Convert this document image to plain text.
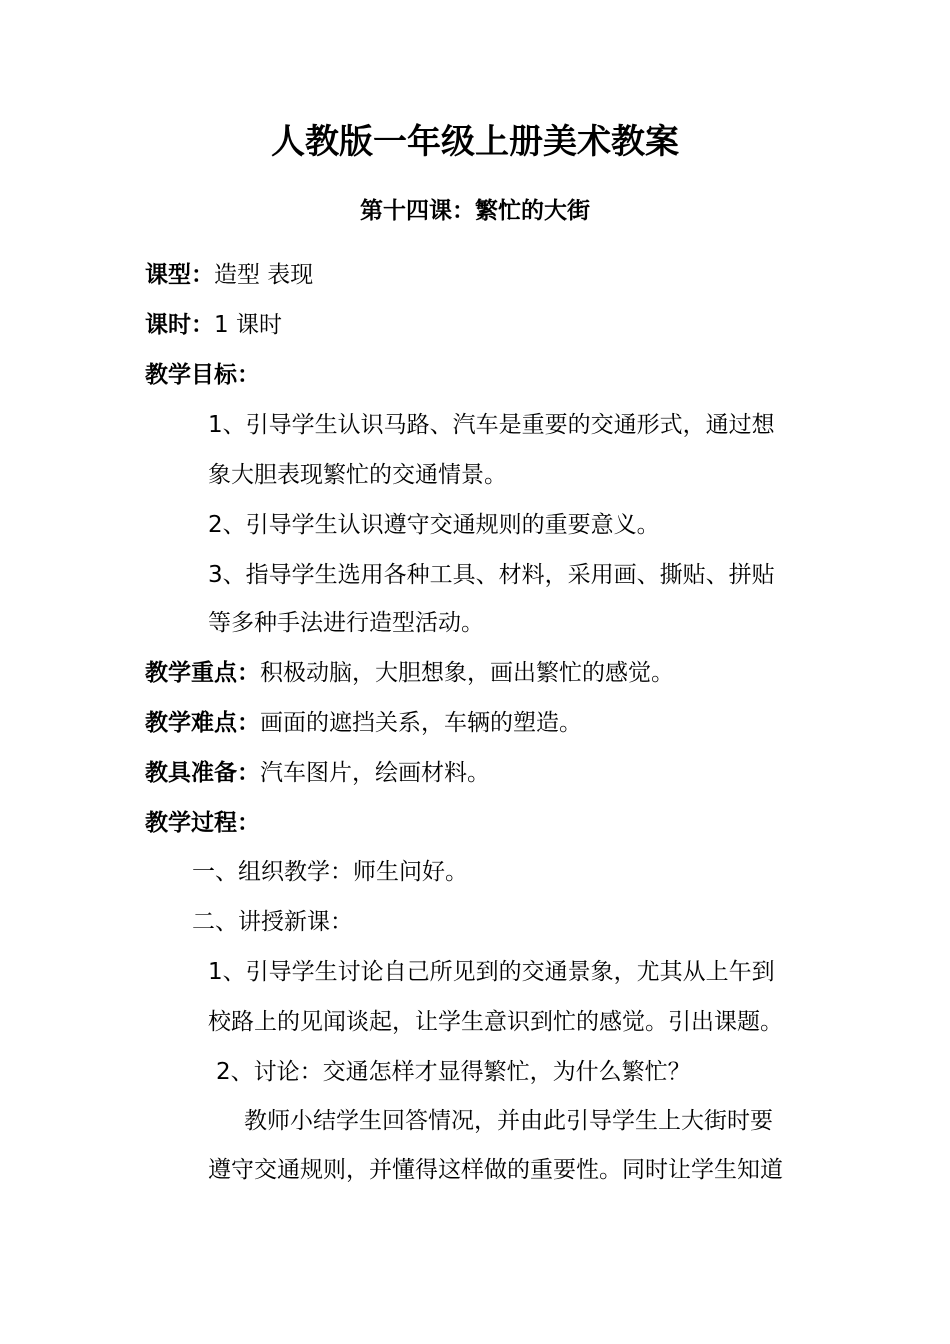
人教版一年级上册美术教案
第十四课：繁忙的大街
课型：造型 表现
课时：1 课时
教学目标：
1、引导学生认识马路、汽车是重要的交通形式，通过想
象大胆表现繁忙的交通情景。
2、引导学生认识遵守交通规则的重要意义。
3、指导学生选用各种工具、材料，采用画、撕贴、拼贴
等多种手法进行造型活动。
教学重点：积极动脑，大胆想象，画出繁忙的感觉。
教学难点：画面的遮挡关系，车辆的塑造。
教具准备：汽车图片，绘画材料。
教学过程：
一、组织教学：师生问好。
二、讲授新课：
1、引导学生讨论自己所见到的交通景象，尤其从上午到
校路上的见闻谈起，让学生意识到忙的感觉。引出课题。
2、讨论：交通怎样才显得繁忙，为什么繁忙？
教师小结学生回答情况，并由此引导学生上大街时要
遵守交通规则，并懂得这样做的重要性。同时让学生知道
